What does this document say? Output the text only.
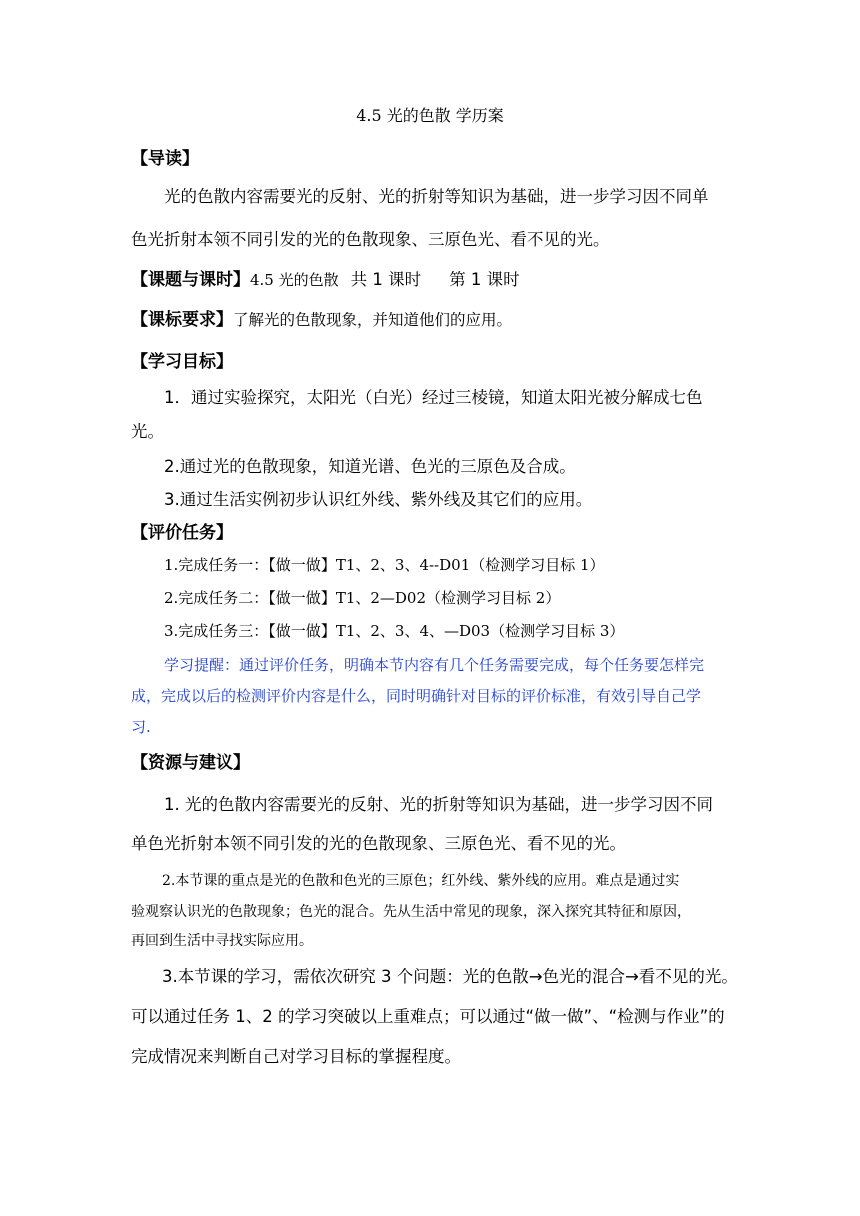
4.5 光的色散 学历案
【导读】
光的色散内容需要光的反射、光的折射等知识为基础，进一步学习因不同单
色光折射本领不同引发的光的色散现象、三原色光、看不见的光。
【课题与课时】4.5 光的色散 共 1 课时 第 1 课时
【课标要求】了解光的色散现象，并知道他们的应用。
【学习目标】
1．通过实验探究，太阳光（白光）经过三棱镜，知道太阳光被分解成七色
光。
2.通过光的色散现象，知道光谱、色光的三原色及合成。
3.通过生活实例初步认识红外线、紫外线及其它们的应用。
【评价任务】
1.完成任务一：【做一做】T1、2、3、4--D01（检测学习目标 1）
2.完成任务二：【做一做】T1、2—D02（检测学习目标 2）
3.完成任务三：【做一做】T1、2、3、4、—D03（检测学习目标 3）
学习提醒：通过评价任务，明确本节内容有几个任务需要完成，每个任务要怎样完
成，完成以后的检测评价内容是什么，同时明确针对目标的评价标准，有效引导自己学
习.
【资源与建议】
1. 光的色散内容需要光的反射、光的折射等知识为基础，进一步学习因不同
单色光折射本领不同引发的光的色散现象、三原色光、看不见的光。
2.本节课的重点是光的色散和色光的三原色；红外线、紫外线的应用。难点是通过实
验观察认识光的色散现象；色光的混合。先从生活中常见的现象，深入探究其特征和原因，
再回到生活中寻找实际应用。
3.本节课的学习，需依次研究 3 个问题：光的色散→色光的混合→看不见的光。
可以通过任务 1、2 的学习突破以上重难点；可以通过“做一做”、“检测与作业”的
完成情况来判断自己对学习目标的掌握程度。
